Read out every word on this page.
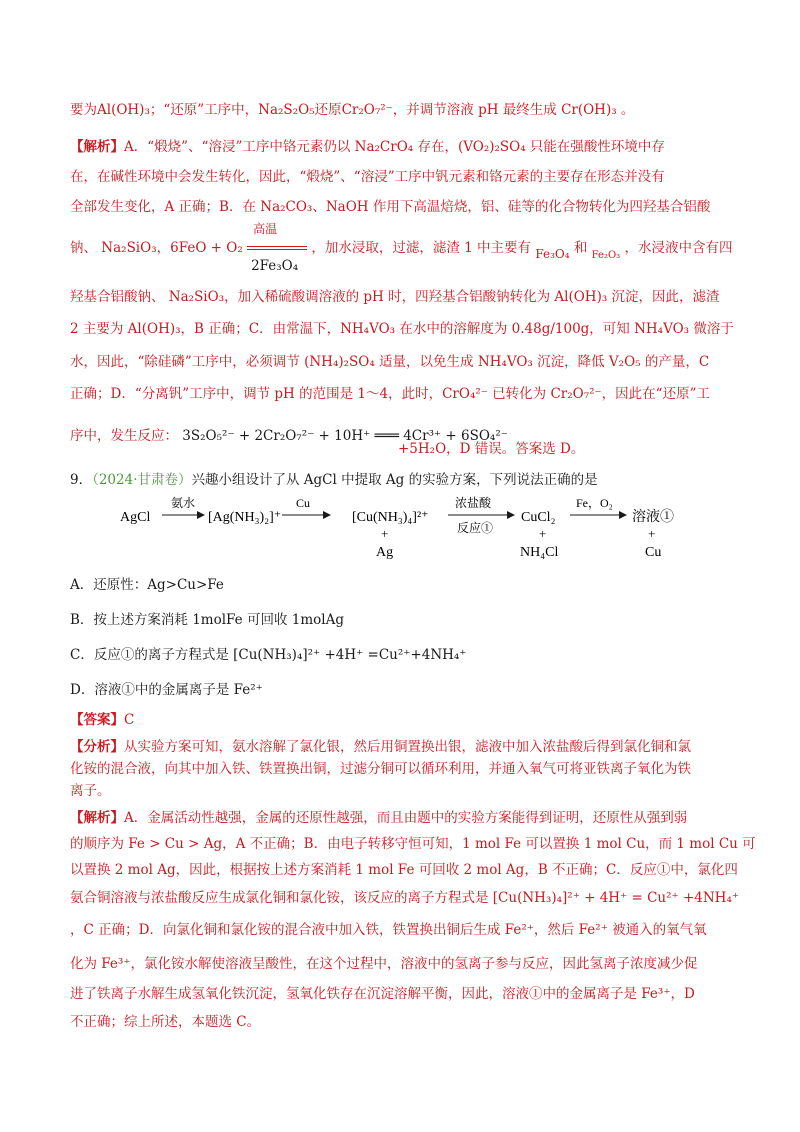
要为Al(OH)₃；“还原”工序中，Na₂S₂O₅还原Cr₂O₇²⁻，并调节溶液 pH 最终生成 Cr(OH)₃ 。
【解析】A．“煅烧”、“溶浸”工序中铬元素仍以 Na₂CrO₄ 存在，(VO₂)₂SO₄ 只能在强酸性环境中存
在，在碱性环境中会发生转化，因此，“煅烧”、“溶浸”工序中钒元素和铬元素的主要存在形态并没有
全部发生变化，A 正确；B．在 Na₂CO₃、NaOH 作用下高温焙烧，铝、硅等的化合物转化为四羟基合铝酸
钠、 Na₂SiO₃，6FeO + O₂
高温
2Fe₃O₄
，加水浸取，过滤，滤渣 1 中主要有 Fe₃O₄ 和 $_{Fe_2O_3}$ ，水浸液中含有四
羟基合铝酸钠、 Na₂SiO₃，加入稀硫酸调溶液的 pH 时，四羟基合铝酸钠转化为 Al(OH)₃ 沉淀，因此，滤渣
2 主要为 Al(OH)₃，B 正确；C．由常温下，NH₄VO₃ 在水中的溶解度为 0.48g/100g，可知 NH₄VO₃ 微溶于
水，因此，“除硅磷”工序中，必须调节 (NH₄)₂SO₄ 适量，以免生成 NH₄VO₃ 沉淀，降低 V₂O₅ 的产量，C
正确；D．“分离钒”工序中，调节 pH 的范围是 1～4，此时，CrO₄²⁻ 已转化为 Cr₂O₇²⁻，因此在“还原”工
序中，发生反应： 3S₂O₅²⁻ + 2Cr₂O₇²⁻ + 10H⁺ ═══ 4Cr³⁺ + 6SO₄²⁻
+5H₂O，D 错误。答案选 D。
9．（2024·甘肃卷）兴趣小组设计了从 AgCl 中提取 Ag 的实验方案，下列说法正确的是
AgCl
氨水
[Ag(NH₃)₂]⁺
Cu
[Cu(NH₃)₄]²⁺
+
Ag
浓盐酸
反应①
CuCl₂
+
NH₄Cl
Fe，O₂
溶液①
+
Cu
A．还原性：Ag>Cu>Fe
B．按上述方案消耗 1molFe 可回收 1molAg
C．反应①的离子方程式是 [Cu(NH₃)₄]²⁺ +4H⁺ =Cu²⁺+4NH₄⁺
D．溶液①中的金属离子是 Fe²⁺
【答案】C
【分析】从实验方案可知，氨水溶解了氯化银，然后用铜置换出银，滤液中加入浓盐酸后得到氯化铜和氯
化铵的混合液，向其中加入铁、铁置换出铜，过滤分铜可以循环利用，并通入氧气可将亚铁离子氧化为铁
离子。
【解析】A．金属活动性越强，金属的还原性越强，而且由题中的实验方案能得到证明，还原性从强到弱
的顺序为 Fe > Cu > Ag，A 不正确；B．由电子转移守恒可知，1 mol Fe 可以置换 1 mol Cu，而 1 mol Cu 可
以置换 2 mol Ag，因此，根据按上述方案消耗 1 mol Fe 可回收 2 mol Ag，B 不正确；C．反应①中，氯化四
氨合铜溶液与浓盐酸反应生成氯化铜和氯化铵，该反应的离子方程式是 [Cu(NH₃)₄]²⁺ + 4H⁺ = Cu²⁺ +4NH₄⁺
，C 正确；D．向氯化铜和氯化铵的混合液中加入铁，铁置换出铜后生成 Fe²⁺，然后 Fe²⁺ 被通入的氧气氧
化为 Fe³⁺，氯化铵水解使溶液呈酸性，在这个过程中，溶液中的氢离子参与反应，因此氢离子浓度减少促
进了铁离子水解生成氢氧化铁沉淀，氢氧化铁存在沉淀溶解平衡，因此，溶液①中的金属离子是 Fe³⁺，D
不正确；综上所述，本题选 C。
